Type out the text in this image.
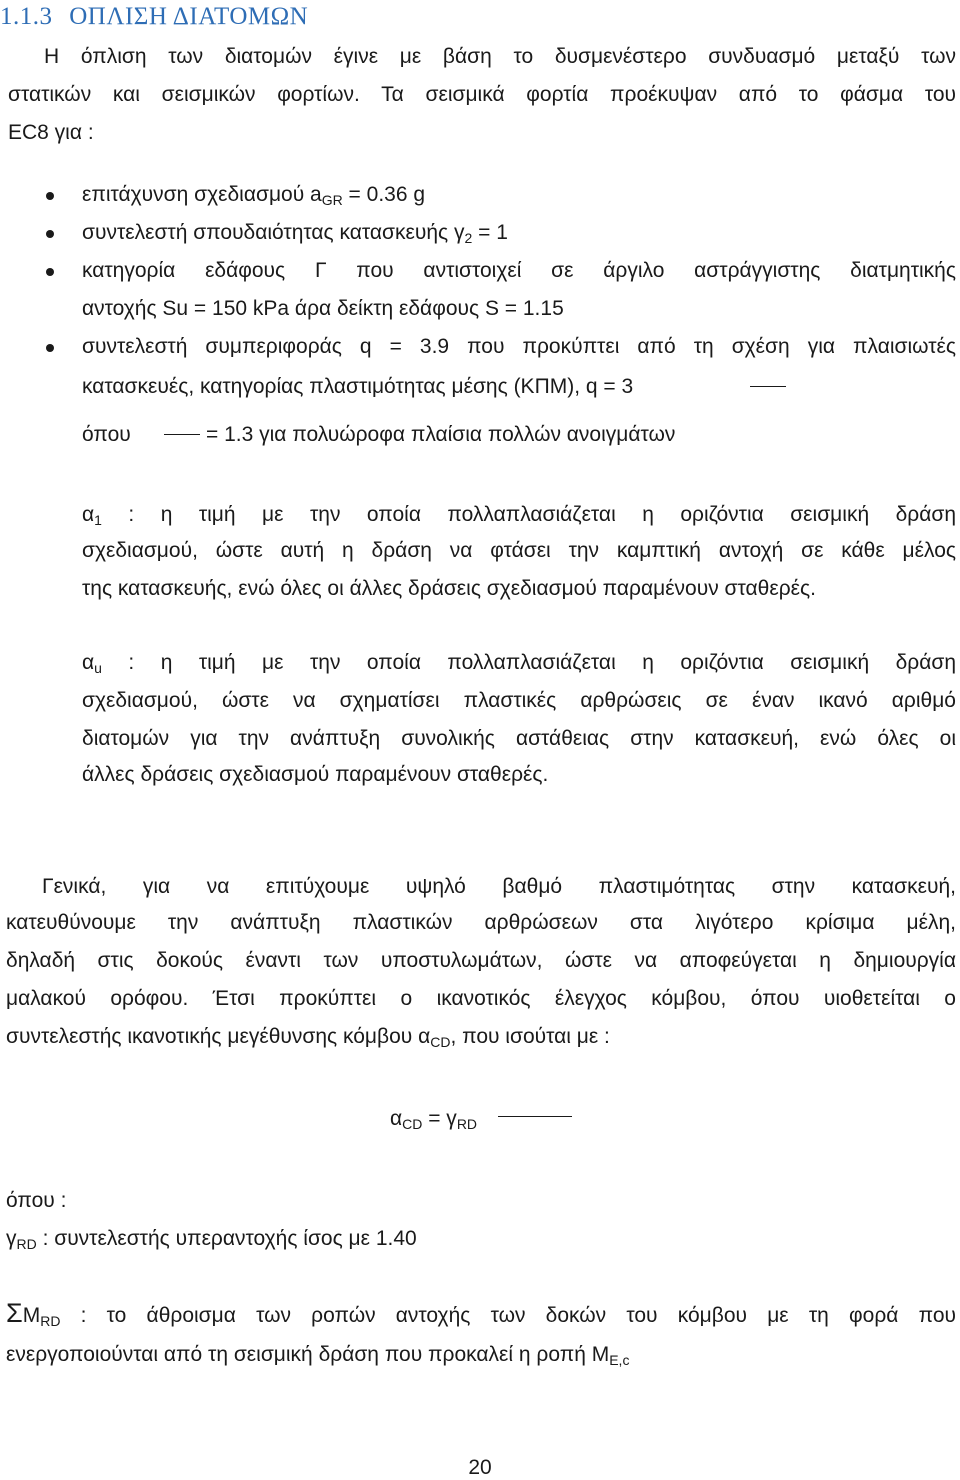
1.1.3 ΟΠΛΙΣΗ ΔΙΑΤΟΜΩΝ
Η όπλιση των διατομών έγινε με βάση το δυσμενέστερο συνδυασμό μεταξύ των
στατικών και σεισμικών φορτίων. Τα σεισμικά φορτία προέκυψαν από το φάσμα του
EC8 για :
επιτάχυνση σχεδιασμού $a_{GR} = 0.36$ g
συντελεστή σπουδαιότητας κατασκευής $\gamma_2 = 1$
κατηγορία εδάφους Γ που αντιστοιχεί σε άργιλο αστράγγιστης διατμητικής
αντοχής Su = 150 kPa άρα δείκτη εδάφους S = 1.15
συντελεστή συμπεριφοράς q = 3.9 που προκύπτει από τη σχέση για πλαισιωτές
κατασκευές, κατηγορίας πλαστιμότητας μέσης (ΚΠΜ), q = 3
όπου	= 1.3 για πολυώροφα πλαίσια πολλών ανοιγμάτων
$\alpha_1$ : η τιμή με την οποία πολλαπλασιάζεται η οριζόντια σεισμική δράση
σχεδιασμού, ώστε αυτή η δράση να φτάσει την καμπτική αντοχή σε κάθε μέλος
της κατασκευής, ενώ όλες οι άλλες δράσεις σχεδιασμού παραμένουν σταθερές.
$\alpha_u$ : η τιμή με την οποία πολλαπλασιάζεται η οριζόντια σεισμική δράση
σχεδιασμού, ώστε να σχηματίσει πλαστικές αρθρώσεις σε έναν ικανό αριθμό
διατομών για την ανάπτυξη συνολικής αστάθειας στην κατασκευή, ενώ όλες οι
άλλες δράσεις σχεδιασμού παραμένουν σταθερές.
Γενικά, για να επιτύχουμε υψηλό βαθμό πλαστιμότητας στην κατασκευή,
κατευθύνουμε την ανάπτυξη πλαστικών αρθρώσεων στα λιγότερο κρίσιμα μέλη,
δηλαδή στις δοκούς έναντι των υποστυλωμάτων, ώστε να αποφεύγεται η δημιουργία
μαλακού ορόφου. Έτσι προκύπτει ο ικανοτικός έλεγχος κόμβου, όπου υιοθετείται ο
συντελεστής ικανοτικής μεγέθυνσης κόμβου $\alpha_{CD}$, που ισούται με :
$\alpha_{CD} = \gamma_{RD}$
όπου :
$\gamma_{RD}$ : συντελεστής υπεραντοχής ίσος με 1.40
$\Sigma M_{RD}$ : το άθροισμα των ροπών αντοχής των δοκών του κόμβου με τη φορά που
ενεργοποιούνται από τη σεισμική δράση που προκαλεί η ροπή $M_{E,c}$
20
